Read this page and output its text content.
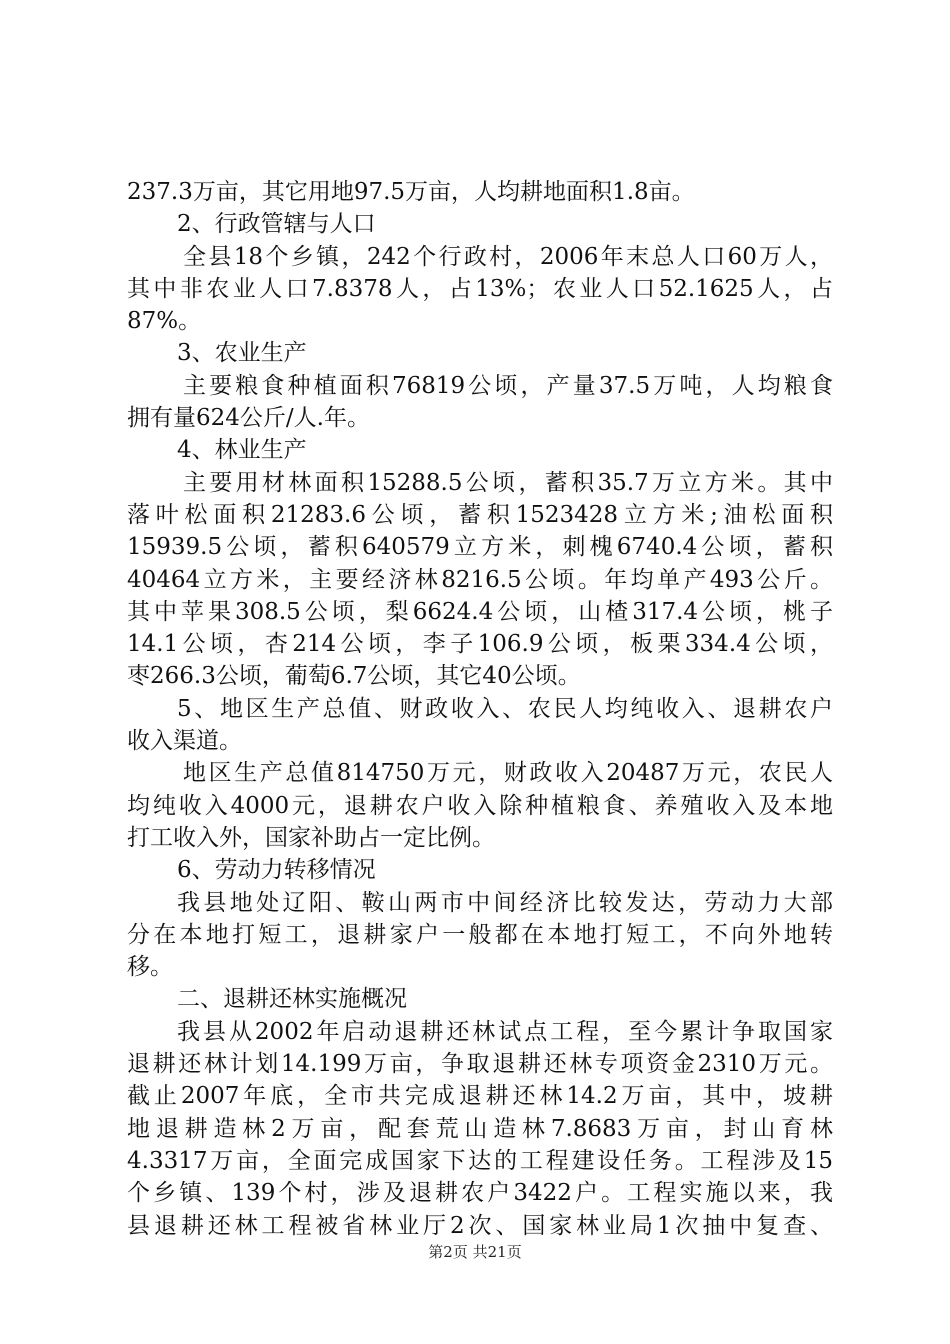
237.3万亩，其它用地97.5万亩，人均耕地面积1.8亩。
2、行政管辖与人口
全县18个乡镇，242个行政村，2006年末总人口60万人，
其中非农业人口7.8378人，占13%；农业人口52.1625人，占
87%。
3、农业生产
主要粮食种植面积76819公顷，产量37.5万吨，人均粮食
拥有量624公斤/人.年。
4、林业生产
主要用材林面积15288.5公顷，蓄积35.7万立方米。其中
落叶松面积21283.6公顷，蓄积1523428立方米;油松面积
15939.5公顷，蓄积640579立方米，刺槐6740.4公顷，蓄积
40464立方米，主要经济林8216.5公顷。年均单产493公斤。
其中苹果308.5公顷，梨6624.4公顷，山楂317.4公顷，桃子
14.1公顷，杏214公顷，李子106.9公顷，板栗334.4公顷，
枣266.3公顷，葡萄6.7公顷，其它40公顷。
5、地区生产总值、财政收入、农民人均纯收入、退耕农户
收入渠道。
地区生产总值814750万元，财政收入20487万元，农民人
均纯收入4000元，退耕农户收入除种植粮食、养殖收入及本地
打工收入外，国家补助占一定比例。
6、劳动力转移情况
我县地处辽阳、鞍山两市中间经济比较发达，劳动力大部
分在本地打短工，退耕家户一般都在本地打短工，不向外地转
移。
二、退耕还林实施概况
我县从2002年启动退耕还林试点工程，至今累计争取国家
退耕还林计划14.199万亩，争取退耕还林专项资金2310万元。
截止2007年底，全市共完成退耕还林14.2万亩，其中，坡耕
地退耕造林2万亩，配套荒山造林7.8683万亩，封山育林
4.3317万亩，全面完成国家下达的工程建设任务。工程涉及15
个乡镇、139个村，涉及退耕农户3422户。工程实施以来，我
县退耕还林工程被省林业厅2次、国家林业局1次抽中复查、
第2页 共21页
